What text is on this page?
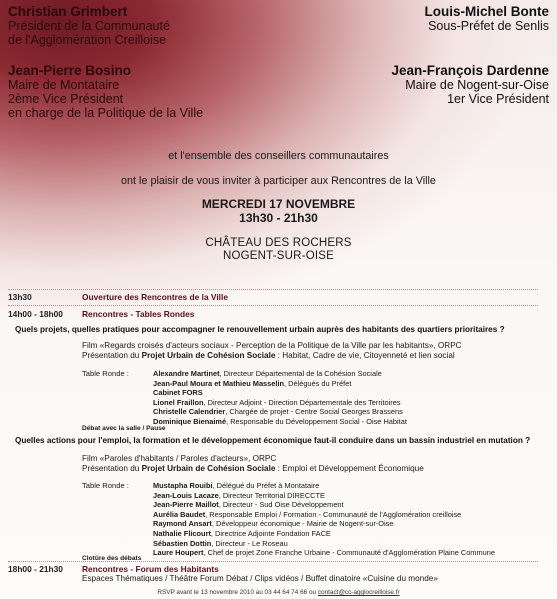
Christian Grimbert
Président de la Communauté
de l'Agglomération Creilloise
Jean-Pierre Bosino
Maire de Montataire
2ème Vice Président
en charge de la Politique de la Ville
Louis-Michel Bonte
Sous-Préfet de Senlis
Jean-François Dardenne
Maire de Nogent-sur-Oise
1er Vice Président
et l'ensemble des conseillers communautaires
ont le plaisir de vous inviter à participer aux Rencontres de la Ville
MERCREDI 17 NOVEMBRE
13h30 - 21h30
CHÂTEAU DES ROCHERS
NOGENT-SUR-OISE
13h30	Ouverture des Rencontres de la Ville
14h00 - 18h00 Rencontres - Tables Rondes
Quels projets, quelles pratiques pour accompagner le renouvellement urbain auprès des habitants des quartiers prioritaires ?
Film «Regards croisés d'acteurs sociaux - Perception de la Politique de la Ville par les habitants», ORPC
Présentation du Projet Urbain de Cohésion Sociale : Habitat, Cadre de vie, Citoyenneté et lien social
Table Ronde :	Alexandre Martinet, Directeur Départemental de la Cohésion Sociale
Jean-Paul Moura et Mathieu Masselin, Délégués du Préfet
Cabinet FORS
Lionel Fraillon, Directeur Adjoint - Direction Départementale des Territoires
Christelle Calendrier, Chargée de projet - Centre Social Georges Brassens
Dominique Bienaimé, Responsable du Développement Social - Oise Habitat
Débat avec la salle / Pause
Quelles actions pour l'emploi, la formation et le développement économique faut-il conduire dans un bassin industriel en mutation ?
Film «Paroles d'habitants / Paroles d'acteurs», ORPC
Présentation du Projet Urbain de Cohésion Sociale : Emploi et Développement Économique
Table Ronde :	Mustapha Rouibi, Délégué du Préfet à Montataire
Jean-Louis Lacaze, Directeur Territorial DIRECCTE
Jean-Pierre Maillot, Directeur - Sud Oise Développement
Aurélia Baudet, Responsable Emploi / Formation - Communauté de l'Agglomération creilloise
Raymond Ansart, Développeur économique - Mairie de Nogent-sur-Oise
Nathalie Flicourt, Directrice Adjointe Fondation FACE
Sébastien Dottin, Directeur - Le Roseau
Laure Houpert, Chef de projet Zone Franche Urbaine - Communauté d'Agglomération Plaine Commune
Clotûre des débats
18h00 - 21h30 Rencontres - Forum des Habitants
Espaces Thématiques / Théâtre Forum Débat / Clips vidéos / Buffet dinatoire «Cuisine du monde»
RSVP avant le 13 novembre 2010 au 03 44 64 74 66 ou contact@cc-agglocreilloise.fr
